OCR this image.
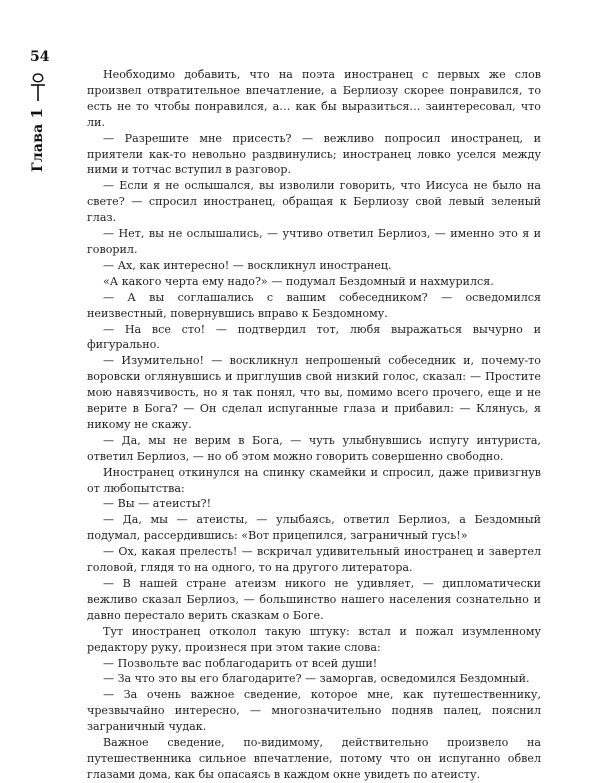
54
Глава 1

Необходимо добавить, что на поэта иностранец с первых же слов произвел отвратительное впечатление, а Берлиозу скорее понравился, то есть не то чтобы понравился, а… как бы выразиться… заинтересовал, что ли.

— Разрешите мне присесть? — вежливо попросил иностранец, и приятели как-то невольно раздвинулись; иностранец ловко уселся между ними и тотчас вступил в разговор.

— Если я не ослышался, вы изволили говорить, что Иисуса не было на свете? — спросил иностранец, обращая к Берлиозу свой левый зеленый глаз.

— Нет, вы не ослышались, — учтиво ответил Берлиоз, — именно это я и говорил.

— Ах, как интересно! — воскликнул иностранец.

«А какого черта ему надо?» — подумал Бездомный и нахмурился.

— А вы соглашались с вашим собеседником? — осведомился неизвестный, повернувшись вправо к Бездомному.

— На все сто! — подтвердил тот, любя выражаться вычурно и фигурально.

— Изумительно! — воскликнул непрошеный собеседник и, почему-то воровски оглянувшись и приглушив свой низкий голос, сказал: — Простите мою навязчивость, но я так понял, что вы, помимо всего прочего, еще и не верите в Бога? — Он сделал испуганные глаза и прибавил: — Клянусь, я никому не скажу.

— Да, мы не верим в Бога, — чуть улыбнувшись испугу интуриста, ответил Берлиоз, — но об этом можно говорить совершенно свободно.

Иностранец откинулся на спинку скамейки и спросил, даже привизгнув от любопытства:

— Вы — атеисты?!

— Да, мы — атеисты, — улыбаясь, ответил Берлиоз, а Бездомный подумал, рассердившись: «Вот прицепился, заграничный гусь!»

— Ох, какая прелесть! — вскричал удивительный иностранец и завертел головой, глядя то на одного, то на другого литератора.

— В нашей стране атеизм никого не удивляет, — дипломатически вежливо сказал Берлиоз, — большинство нашего населения сознательно и давно перестало верить сказкам о Боге.

Тут иностранец отколол такую штуку: встал и пожал изумленному редактору руку, произнеся при этом такие слова:

— Позвольте вас поблагодарить от всей души!

— За что это вы его благодарите? — заморгав, осведомился Бездомный.

— За очень важное сведение, которое мне, как путешественнику, чрезвычайно интересно, — многозначительно подняв палец, пояснил заграничный чудак.

Важное сведение, по-видимому, действительно произвело на путешественника сильное впечатление, потому что он испуганно обвел глазами дома, как бы опасаясь в каждом окне увидеть по атеисту.
